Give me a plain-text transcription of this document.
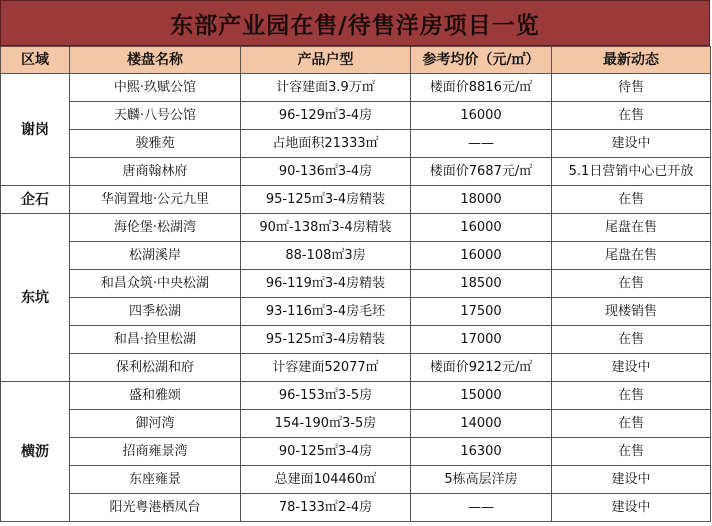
东部产业园在售/待售洋房项目一览
区域	楼盘名称	产品户型	参考均价（元/㎡）	最新动态
谢岗	中熙·玖赋公馆	计容建面3.9万㎡	楼面价8816元/㎡	待售
	天麟·八号公馆	96-129㎡3-4房	16000	在售
	骏雅苑	占地面积21333㎡	——	建设中
	唐商翰林府	90-136㎡3-4房	楼面价7687元/㎡	5.1日营销中心已开放
企石	华润置地·公元九里	95-125㎡3-4房精装	18000	在售
东坑	海伦堡·松湖湾	90㎡-138㎡3-4房精装	16000	尾盘在售
	松湖溪岸	88-108㎡3房	16000	尾盘在售
	和昌众筑·中央松湖	96-119㎡3-4房精装	18500	在售
	四季松湖	93-116㎡3-4房毛坯	17500	现楼销售
	和昌·拾里松湖	95-125㎡3-4房精装	17000	在售
	保利松湖和府	计容建面52077㎡	楼面价9212元/㎡	建设中
横沥	盛和雅颂	96-153㎡3-5房	15000	在售
	御河湾	154-190㎡3-5房	14000	在售
	招商雍景湾	90-125㎡3-4房	16300	在售
	东座雍景	总建面104460㎡	5栋高层洋房	建设中
	阳光粤港栖凤台	78-133㎡2-4房	——	建设中
